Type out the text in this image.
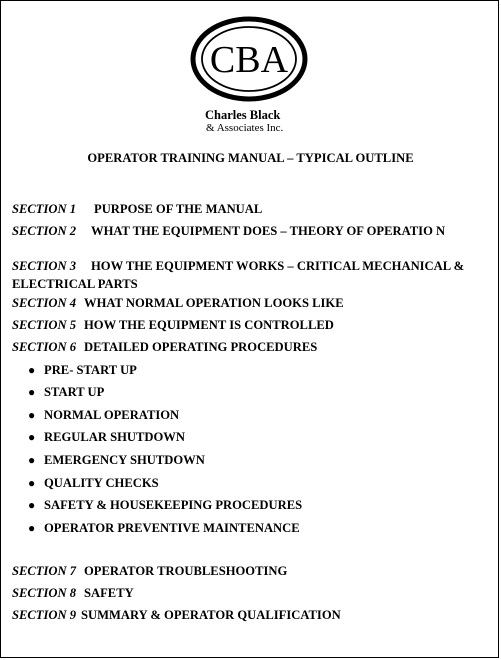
CBA
Charles Black
& Associates Inc.
OPERATOR TRAINING MANUAL – TYPICAL OUTLINE
SECTION 1 PURPOSE OF THE MANUAL
SECTION 2 WHAT THE EQUIPMENT DOES – THEORY OF OPERATIO N
SECTION 3 HOW THE EQUIPMENT WORKS – CRITICAL MECHANICAL & ELECTRICAL PARTS
SECTION 4 WHAT NORMAL OPERATION LOOKS LIKE
SECTION 5 HOW THE EQUIPMENT IS CONTROLLED
SECTION 6 DETAILED OPERATING PROCEDURES
● PRE- START UP
● START UP
● NORMAL OPERATION
● REGULAR SHUTDOWN
● EMERGENCY SHUTDOWN
● QUALITY CHECKS
● SAFETY & HOUSEKEEPING PROCEDURES
● OPERATOR PREVENTIVE MAINTENANCE
SECTION 7 OPERATOR TROUBLESHOOTING
SECTION 8 SAFETY
SECTION 9 SUMMARY & OPERATOR QUALIFICATION
